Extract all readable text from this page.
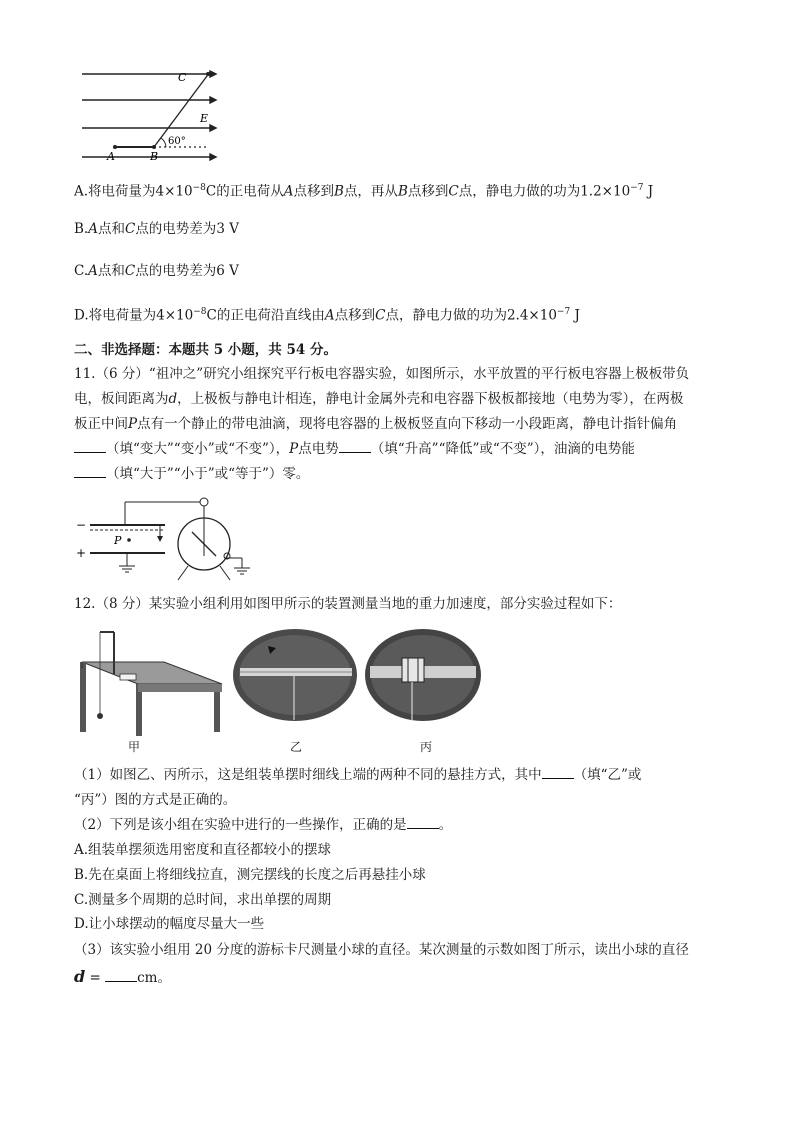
C
E
60°
A	B
A.将电荷量为$4\times 10^{-8}C$的正电荷从A点移到B点，再从B点移到C点，静电力做的功为$1.2\times 10^{-7}$ J
B.A点和C点的电势差为3 V
C.A点和C点的电势差为6 V
D.将电荷量为$4\times 10^{-8}C$的正电荷沿直线由A点移到C点，静电力做的功为$2.4\times 10^{-7}$ J
二、非选择题：本题共 5 小题，共 54 分。
11.（6 分）“祖冲之”研究小组探究平行板电容器实验，如图所示，水平放置的平行板电容器上极板带负
电，板间距离为d，上极板与静电计相连，静电计金属外壳和电容器下极板都接地（电势为零），在两极
板正中间P点有一个静止的带电油滴，现将电容器的上极板竖直向下移动一小段距离，静电计指针偏角
（填“变大”“变小”或“不变”），P点电势 （填“升高”“降低”或“不变”），油滴的电势能
（填“大于”“小于”或“等于”）零。
−
+
P
12.（8 分）某实验小组利用如图甲所示的装置测量当地的重力加速度，部分实验过程如下：
甲	乙	丙
（1）如图乙、丙所示，这是组装单摆时细线上端的两种不同的悬挂方式，其中 （填“乙”或
“丙”）图的方式是正确的。
（2）下列是该小组在实验中进行的一些操作，正确的是 。
A.组装单摆须选用密度和直径都较小的摆球
B.先在桌面上将细线拉直，测完摆线的长度之后再悬挂小球
C.测量多个周期的总时间，求出单摆的周期
D.让小球摆动的幅度尽量大一些
（3）该实验小组用 20 分度的游标卡尺测量小球的直径。某次测量的示数如图丁所示，读出小球的直径
d = cm。
